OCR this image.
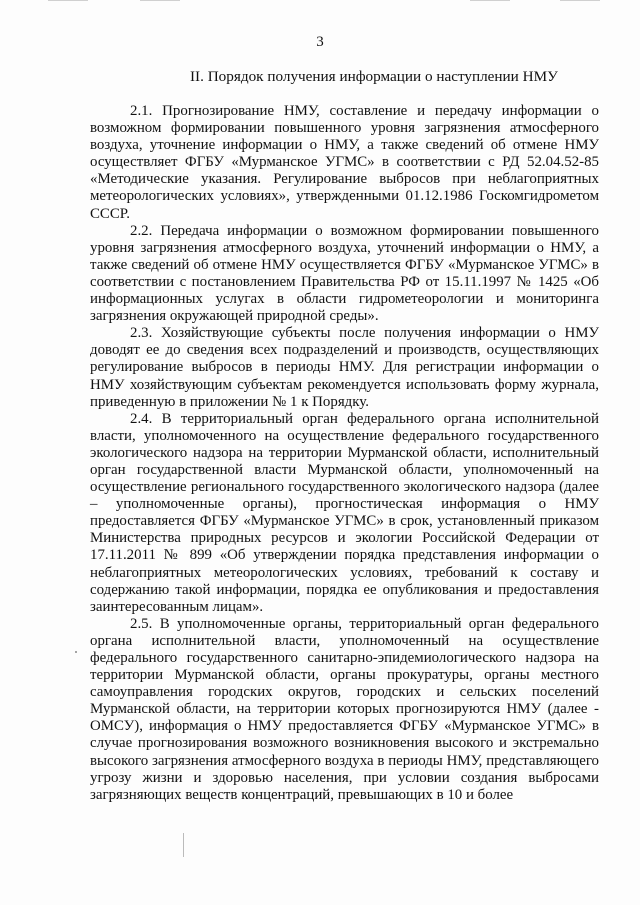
3
II. Порядок получения информации о наступлении НМУ

2.1. Прогнозирование НМУ, составление и передачу информации о возможном формировании повышенного уровня загрязнения атмосферного воздуха, уточнение информации о НМУ, а также сведений об отмене НМУ осуществляет ФГБУ «Мурманское УГМС» в соответствии с РД 52.04.52-85 «Методические указания. Регулирование выбросов при неблагоприятных метеорологических условиях», утвержденными 01.12.1986 Госкомгидрометом СССР.

2.2. Передача информации о возможном формировании повышенного уровня загрязнения атмосферного воздуха, уточнений информации о НМУ, а также сведений об отмене НМУ осуществляется ФГБУ «Мурманское УГМС» в соответствии с постановлением Правительства РФ от 15.11.1997 № 1425 «Об информационных услугах в области гидрометеорологии и мониторинга загрязнения окружающей природной среды».

2.3. Хозяйствующие субъекты после получения информации о НМУ доводят ее до сведения всех подразделений и производств, осуществляющих регулирование выбросов в периоды НМУ. Для регистрации информации о НМУ хозяйствующим субъектам рекомендуется использовать форму журнала, приведенную в приложении № 1 к Порядку.

2.4. В территориальный орган федерального органа исполнительной власти, уполномоченного на осуществление федерального государственного экологического надзора на территории Мурманской области, исполнительный орган государственной власти Мурманской области, уполномоченный на осуществление регионального государственного экологического надзора (далее – уполномоченные органы), прогностическая информация о НМУ предоставляется ФГБУ «Мурманское УГМС» в срок, установленный приказом Министерства природных ресурсов и экологии Российской Федерации от 17.11.2011 № 899 «Об утверждении порядка представления информации о неблагоприятных метеорологических условиях, требований к составу и содержанию такой информации, порядка ее опубликования и предоставления заинтересованным лицам».

2.5. В уполномоченные органы, территориальный орган федерального органа исполнительной власти, уполномоченный на осуществление федерального государственного санитарно-эпидемиологического надзора на территории Мурманской области, органы прокуратуры, органы местного самоуправления городских округов, городских и сельских поселений Мурманской области, на территории которых прогнозируются НМУ (далее - ОМСУ), информация о НМУ предоставляется ФГБУ «Мурманское УГМС» в случае прогнозирования возможного возникновения высокого и экстремально высокого загрязнения атмосферного воздуха в периоды НМУ, представляющего угрозу жизни и здоровью населения, при условии создания выбросами загрязняющих веществ концентраций, превышающих в 10 и более
